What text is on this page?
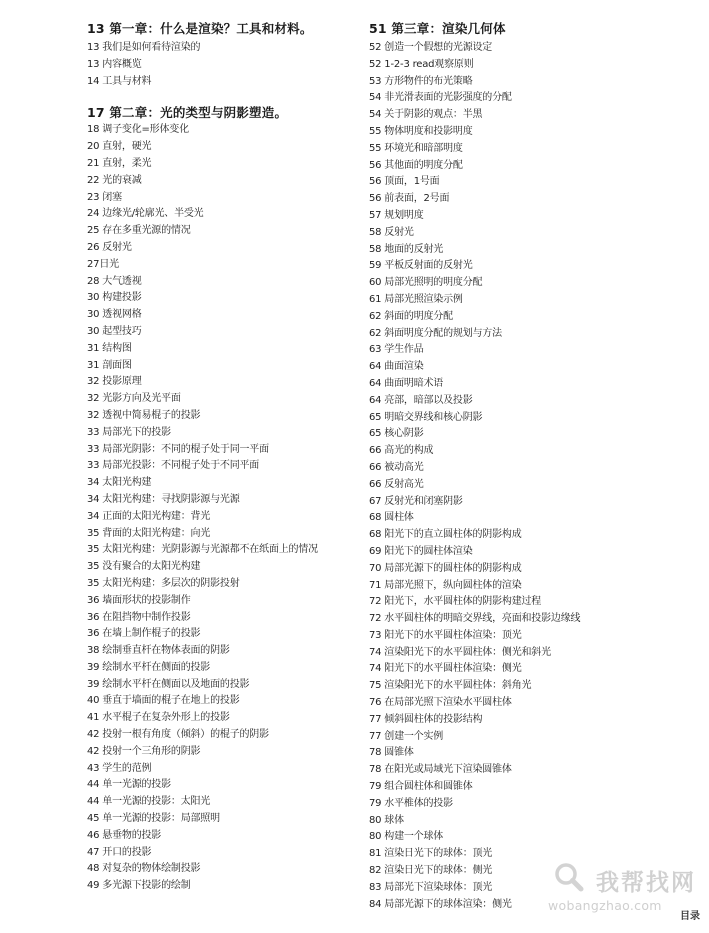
13 第一章：什么是渲染？工具和材料。
13 我们是如何看待渲染的
13 内容概览
14 工具与材料
17 第二章：光的类型与阴影塑造。
18 调子变化=形体变化
20 直射，硬光
21 直射，柔光
22 光的衰减
23 闭塞
24 边缘光/轮廓光、半受光
25 存在多重光源的情况
26 反射光
27日光
28 大气透视
30 构建投影
30 透视网格
30 起型技巧
31 结构图
31 剖面图
32 投影原理
32 光影方向及光平面
32 透视中简易棍子的投影
33 局部光下的投影
33 局部光阴影：不同的棍子处于同一平面
33 局部光投影：不同棍子处于不同平面
34 太阳光构建
34 太阳光构建：寻找阴影源与光源
34 正面的太阳光构建：背光
35 背面的太阳光构建：向光
35 太阳光构建：光阴影源与光源都不在纸面上的情况
35 没有聚合的太阳光构建
35 太阳光构建：多层次的阴影投射
36 墙面形状的投影制作
36 在阻挡物中制作投影
36 在墙上制作棍子的投影
38 绘制垂直杆在物体表面的阴影
39 绘制水平杆在侧面的投影
39 绘制水平杆在侧面以及地面的投影
40 垂直于墙面的棍子在地上的投影
41 水平棍子在复杂外形上的投影
42 投射一根有角度（倾斜）的棍子的阴影
42 投射一个三角形的阴影
43 学生的范例
44 单一光源的投影
44 单一光源的投影：太阳光
45 单一光源的投影：局部照明
46 悬垂物的投影
47 开口的投影
48 对复杂的物体绘制投影
49 多光源下投影的绘制
51 第三章：渲染几何体
52 创造一个假想的光源设定
52 1-2-3 read观察原则
53 方形物件的布光策略
54 非光滑表面的光影强度的分配
54 关于阴影的观点：半黑
55 物体明度和投影明度
55 环境光和暗部明度
56 其他面的明度分配
56 顶面，1号面
56 前表面，2号面
57 规划明度
58 反射光
58 地面的反射光
59 平板反射面的反射光
60 局部光照明的明度分配
61 局部光照渲染示例
62 斜面的明度分配
62 斜面明度分配的规划与方法
63 学生作品
64 曲面渲染
64 曲面明暗术语
64 亮部，暗部以及投影
65 明暗交界线和核心阴影
65 核心阴影
66 高光的构成
66 被动高光
66 反射高光
67 反射光和闭塞阴影
68 圆柱体
68 阳光下的直立圆柱体的阴影构成
69 阳光下的圆柱体渲染
70 局部光源下的圆柱体的阴影构成
71 局部光照下，纵向圆柱体的渲染
72 阳光下，水平圆柱体的阴影构建过程
72 水平圆柱体的明暗交界线，亮面和投影边缘线
73 阳光下的水平圆柱体渲染：顶光
74 渲染阳光下的水平圆柱体：侧光和斜光
74 阳光下的水平圆柱体渲染：侧光
75 渲染阳光下的水平圆柱体：斜角光
76 在局部光照下渲染水平圆柱体
77 倾斜圆柱体的投影结构
77 创建一个实例
78 圆锥体
78 在阳光或局域光下渲染圆锥体
79 组合圆柱体和圆锥体
79 水平椎体的投影
80 球体
80 构建一个球体
81 渲染日光下的球体：顶光
82 渲染日光下的球体：侧光
83 局部光下渲染球体：顶光
84 局部光源下的球体渲染：侧光
我帮找网
wobangzhao.com
目录
